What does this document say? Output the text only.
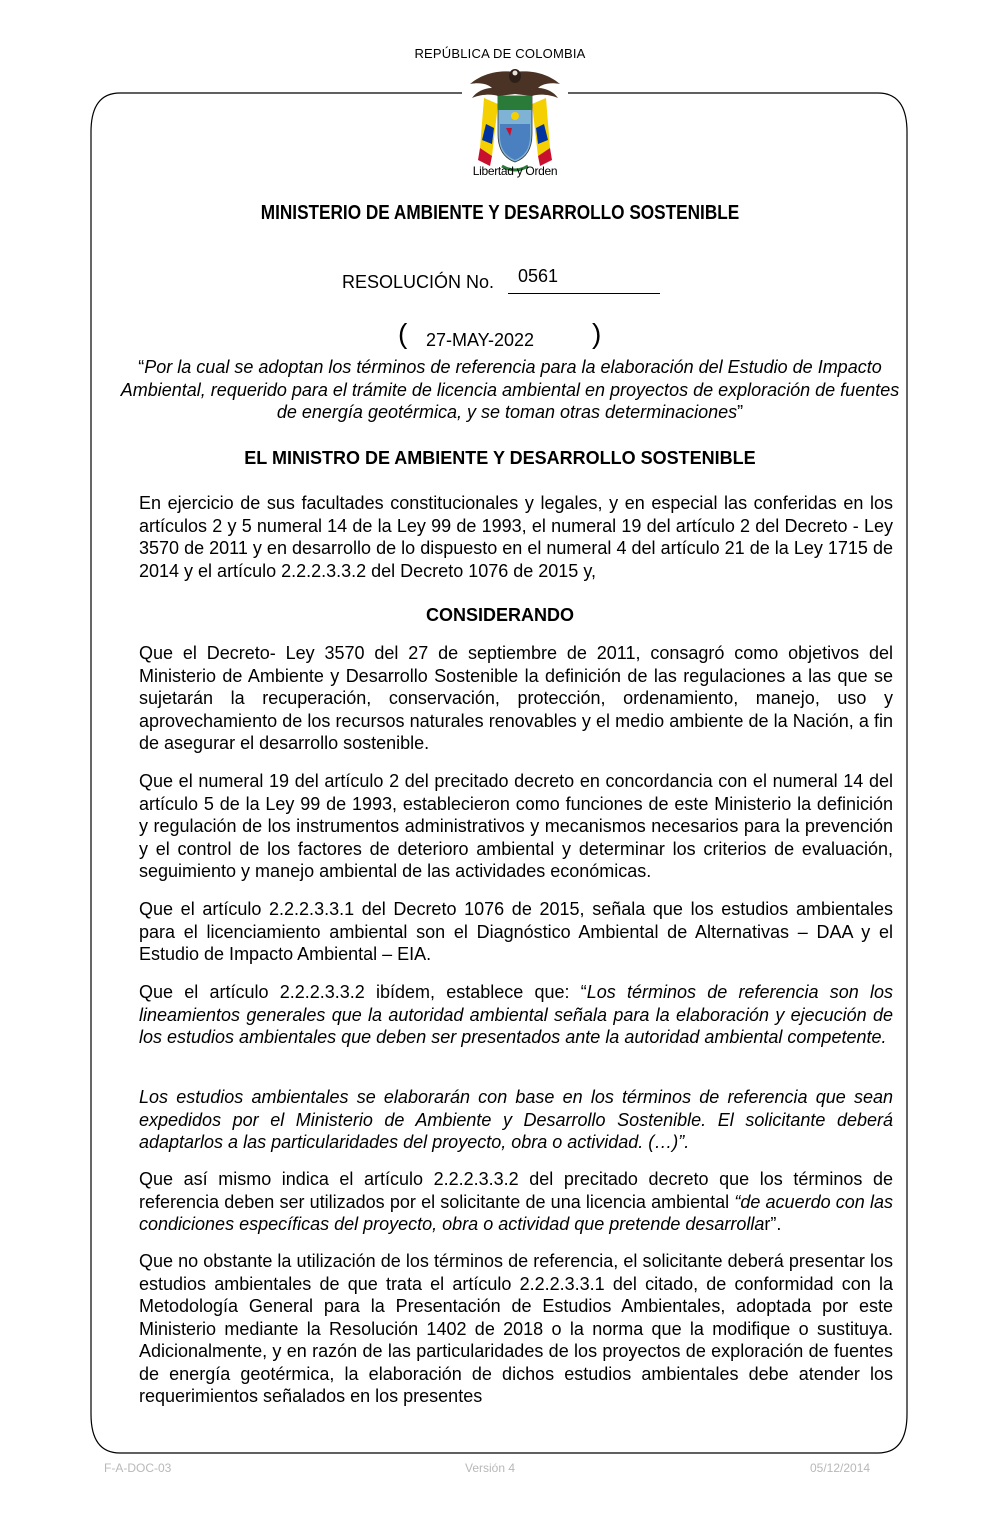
REPÚBLICA DE COLOMBIA
Libertad y Orden
MINISTERIO DE AMBIENTE Y DESARROLLO SOSTENIBLE
RESOLUCIÓN No. 0561
( 27-MAY-2022 )
“Por la cual se adoptan los términos de referencia para la elaboración del Estudio de Impacto Ambiental, requerido para el trámite de licencia ambiental en proyectos de exploración de fuentes de energía geotérmica, y se toman otras determinaciones”
EL MINISTRO DE AMBIENTE Y DESARROLLO SOSTENIBLE

En ejercicio de sus facultades constitucionales y legales, y en especial las conferidas en los artículos 2 y 5 numeral 14 de la Ley 99 de 1993, el numeral 19 del artículo 2 del Decreto - Ley 3570 de 2011 y en desarrollo de lo dispuesto en el numeral 4 del artículo 21 de la Ley 1715 de 2014 y el artículo 2.2.2.3.3.2 del Decreto 1076 de 2015 y,

CONSIDERANDO

Que el Decreto- Ley 3570 del 27 de septiembre de 2011, consagró como objetivos del Ministerio de Ambiente y Desarrollo Sostenible la definición de las regulaciones a las que se sujetarán la recuperación, conservación, protección, ordenamiento, manejo, uso y aprovechamiento de los recursos naturales renovables y el medio ambiente de la Nación, a fin de asegurar el desarrollo sostenible.

Que el numeral 19 del artículo 2 del precitado decreto en concordancia con el numeral 14 del artículo 5 de la Ley 99 de 1993, establecieron como funciones de este Ministerio la definición y regulación de los instrumentos administrativos y mecanismos necesarios para la prevención y el control de los factores de deterioro ambiental y determinar los criterios de evaluación, seguimiento y manejo ambiental de las actividades económicas.

Que el artículo 2.2.2.3.3.1 del Decreto 1076 de 2015, señala que los estudios ambientales para el licenciamiento ambiental son el Diagnóstico Ambiental de Alternativas – DAA y el Estudio de Impacto Ambiental – EIA.

Que el artículo 2.2.2.3.3.2 ibídem, establece que: “Los términos de referencia son los lineamientos generales que la autoridad ambiental señala para la elaboración y ejecución de los estudios ambientales que deben ser presentados ante la autoridad ambiental competente.

Los estudios ambientales se elaborarán con base en los términos de referencia que sean expedidos por el Ministerio de Ambiente y Desarrollo Sostenible. El solicitante deberá adaptarlos a las particularidades del proyecto, obra o actividad. (…)”.

Que así mismo indica el artículo 2.2.2.3.3.2 del precitado decreto que los términos de referencia deben ser utilizados por el solicitante de una licencia ambiental “de acuerdo con las condiciones específicas del proyecto, obra o actividad que pretende desarrollar”.

Que no obstante la utilización de los términos de referencia, el solicitante deberá presentar los estudios ambientales de que trata el artículo 2.2.2.3.3.1 del citado, de conformidad con la Metodología General para la Presentación de Estudios Ambientales, adoptada por este Ministerio mediante la Resolución 1402 de 2018 o la norma que la modifique o sustituya. Adicionalmente, y en razón de las particularidades de los proyectos de exploración de fuentes de energía geotérmica, la elaboración de dichos estudios ambientales debe atender los requerimientos señalados en los presentes

F-A-DOC-03	Versión 4	05/12/2014
